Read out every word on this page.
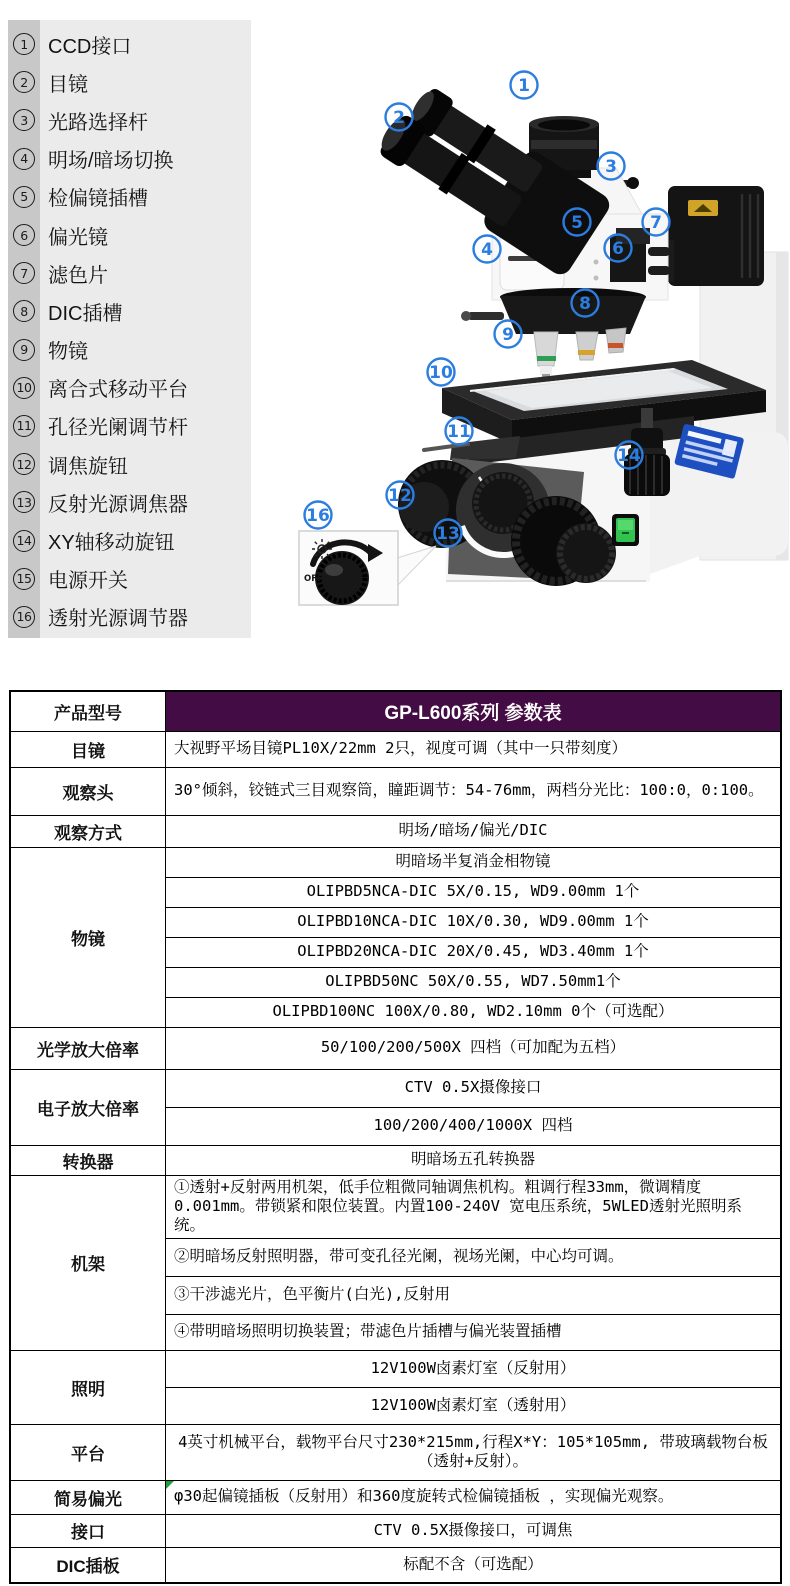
1	CCD接口
2	目镜
3	光路选择杆
4	明场/暗场切换
5	检偏镜插槽
6	偏光镜
7	滤色片
8	DIC插槽
9	物镜
10 离合式移动平台
11 孔径光阑调节杆
12 调焦旋钮
13 反射光源调焦器
14 XY轴移动旋钮
15 电源开关
16 透射光源调节器
OFF
1
2
3
4
5
6
7
8
9
10
11
12
13
14
16
产品型号	GP-L600系列 参数表
目镜	大视野平场目镜PL10X/22mm 2只，视度可调（其中一只带刻度）
观察头	30°倾斜，铰链式三目观察筒，瞳距调节：54-76mm，两档分光比：100:0，0:100。
观察方式	明场/暗场/偏光/DIC
物镜	明暗场半复消金相物镜
	OLIPBD5NCA-DIC 5X/0.15, WD9.00mm 1个
	OLIPBD10NCA-DIC 10X/0.30, WD9.00mm 1个
	OLIPBD20NCA-DIC 20X/0.45, WD3.40mm 1个
	OLIPBD50NC 50X/0.55, WD7.50mm1个
	OLIPBD100NC 100X/0.80, WD2.10mm 0个（可选配）
光学放大倍率	50/100/200/500X 四档（可加配为五档）
电子放大倍率	CTV 0.5X摄像接口
	100/200/400/1000X 四档
转换器	明暗场五孔转换器
机架	①透射+反射两用机架，低手位粗微同轴调焦机构。粗调行程33mm，微调精度0.001mm。带锁紧和限位装置。内置100-240V 宽电压系统，5WLED透射光照明系统。
	②明暗场反射照明器，带可变孔径光阑，视场光阑，中心均可调。
	③干涉滤光片，色平衡片(白光),反射用
	④带明暗场照明切换装置；带滤色片插槽与偏光装置插槽
照明	12V100W卤素灯室（反射用）
	12V100W卤素灯室（透射用）
平台	4英寸机械平台，载物平台尺寸230*215mm,行程X*Y：105*105mm, 带玻璃载物台板（透射+反射）。
简易偏光	φ30起偏镜插板（反射用）和360度旋转式检偏镜插板 ，实现偏光观察。
接口	CTV 0.5X摄像接口，可调焦
DIC插板	标配不含（可选配）
